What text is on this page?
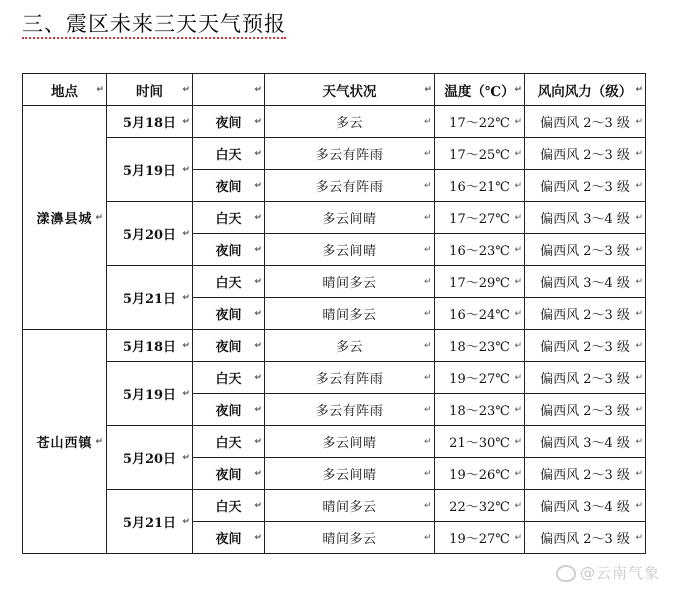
三、震区未来三天天气预报
地点 ↵	时间 ↵	↵	天气状况 ↵	温度（℃） ↵	风向风力（级） ↵

漾濞县城 ↵	5月18日 ↵	夜间 ↵	多云 ↵	17～22℃ ↵	偏西风 2～3 级 ↵

	5月19日 ↵	白天 ↵	多云有阵雨 ↵	17～25℃ ↵	偏西风 2～3 级 ↵

		夜间 ↵	多云有阵雨 ↵	16～21℃ ↵	偏西风 2～3 级 ↵

	5月20日 ↵	白天 ↵	多云间晴 ↵	17～27℃ ↵	偏西风 3～4 级 ↵

		夜间 ↵	多云间晴 ↵	16～23℃ ↵	偏西风 2～3 级 ↵

	5月21日 ↵	白天 ↵	晴间多云 ↵	17～29℃ ↵	偏西风 3～4 级 ↵

		夜间 ↵	晴间多云 ↵	16～24℃ ↵	偏西风 2～3 级 ↵

苍山西镇 ↵	5月18日 ↵	夜间 ↵	多云 ↵	18～23℃ ↵	偏西风 2～3 级 ↵

	5月19日 ↵	白天 ↵	多云有阵雨 ↵	19～27℃ ↵	偏西风 2～3 级 ↵

		夜间 ↵	多云有阵雨 ↵	18～23℃ ↵	偏西风 2～3 级 ↵

	5月20日 ↵	白天 ↵	多云间晴 ↵	21～30℃ ↵	偏西风 3～4 级 ↵

		夜间 ↵	多云间晴 ↵	19～26℃ ↵	偏西风 2～3 级 ↵

	5月21日 ↵	白天 ↵	晴间多云 ↵	22～32℃ ↵	偏西风 3～4 级 ↵

		夜间 ↵	晴间多云 ↵	19～27℃ ↵	偏西风 2～3 级 ↵
@云南气象
